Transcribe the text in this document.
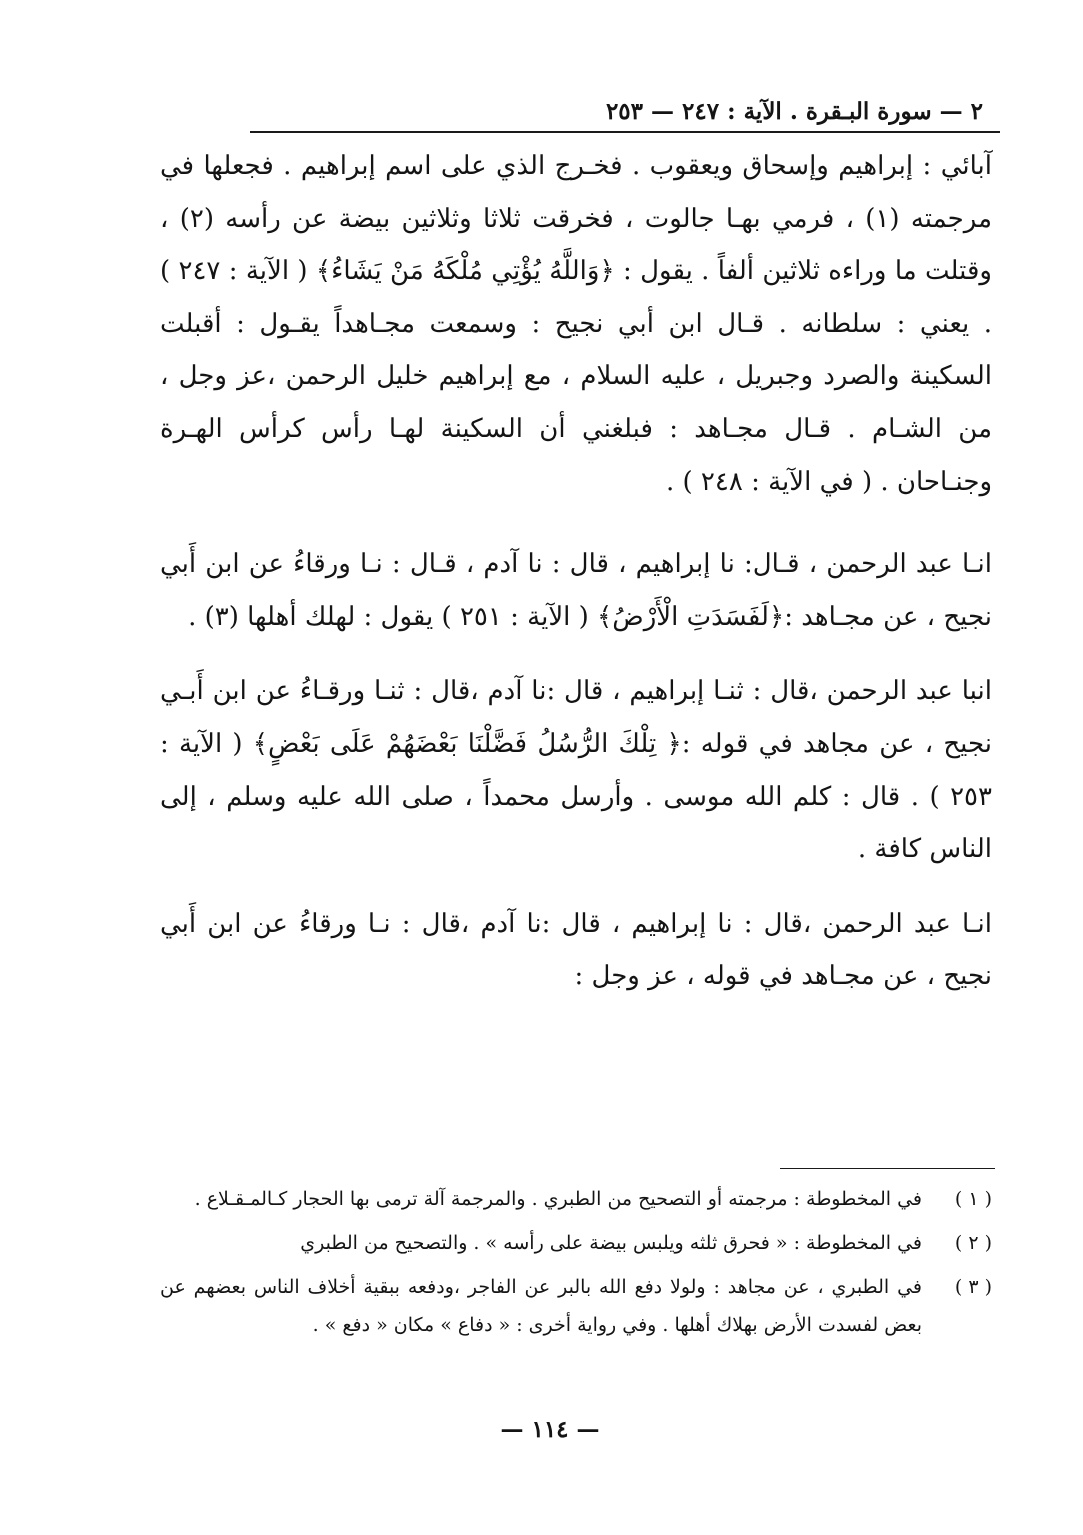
٢ — سورة البـقرة . الآية : ٢٤٧ — ٢٥٣

آبائي : إبراهيم وإسحاق ويعقوب . فخـرج الذي على اسم إبراهيم . فجعلها في مرجمته (١) ، فرمي بهـا جالوت ، فخرقت ثلاثا وثلاثين بيضة عن رأسه (٢) ، وقتلت ما وراءه ثلاثين ألفاً . يقول : ﴿وَاللَّهُ يُؤْتِي مُلْكَهُ مَنْ يَشَاءُ﴾ ( الآية : ٢٤٧ ) . يعني : سلطانه . قـال ابن أبي نجيح : وسمعت مجـاهداً يقـول : أقبلت السكينة والصرد وجبريل ، عليه السلام ، مع إبراهيم خليل الرحمن ،عز وجل ، من الشـام . قـال مجـاهد : فبلغني أن السكينة لهـا رأس كرأس الهـرة وجنـاحان . ( في الآية : ٢٤٨ ) .

انـا عبد الرحمن ، قـال: نا إبراهيم ، قال : نا آدم ، قـال : نـا ورقاءُ عن ابن أَبي نجيح ، عن مجـاهد :﴿لَفَسَدَتِ الْأَرْضُ﴾ ( الآية : ٢٥١ ) يقول : لهلك أهلها (٣) .

انبا عبد الرحمن ،قال : ثنـا إبراهيم ، قال :نا آدم ،قال : ثنـا ورقـاءُ عن ابن أَبـي نجيح ، عن مجاهد في قوله :﴿ تِلْكَ الرُّسُلُ فَضَّلْنَا بَعْضَهُمْ عَلَى بَعْضٍ﴾ ( الآية : ٢٥٣ ) . قال : كلم الله موسى . وأرسل محمداً ، صلى الله عليه وسلم ، إلى الناس كافة .

انـا عبد الرحمن ،قال : نا إبراهيم ، قال :نا آدم ،قال : نـا ورقاءُ عن ابن أَبي نجيح ، عن مجـاهد في قوله ، عز وجل :

( ١ )
في المخطوطة : مرجمته أو التصحيح من الطبري . والمرجمة آلة ترمى بها الحجار كـالمـقـلاع .
( ٢ )
في المخطوطة : « فحرق ثلثه ويلبس بيضة على رأسه » . والتصحيح من الطبري
( ٣ )
في الطبري ، عن مجاهد : ولولا دفع الله بالبر عن الفاجر ،ودفعه ببقية أخلاف الناس بعضهم عن بعض لفسدت الأرض بهلاك أهلها . وفي رواية أخرى : « دفاع » مكان « دفع » .
— ١١٤ —
